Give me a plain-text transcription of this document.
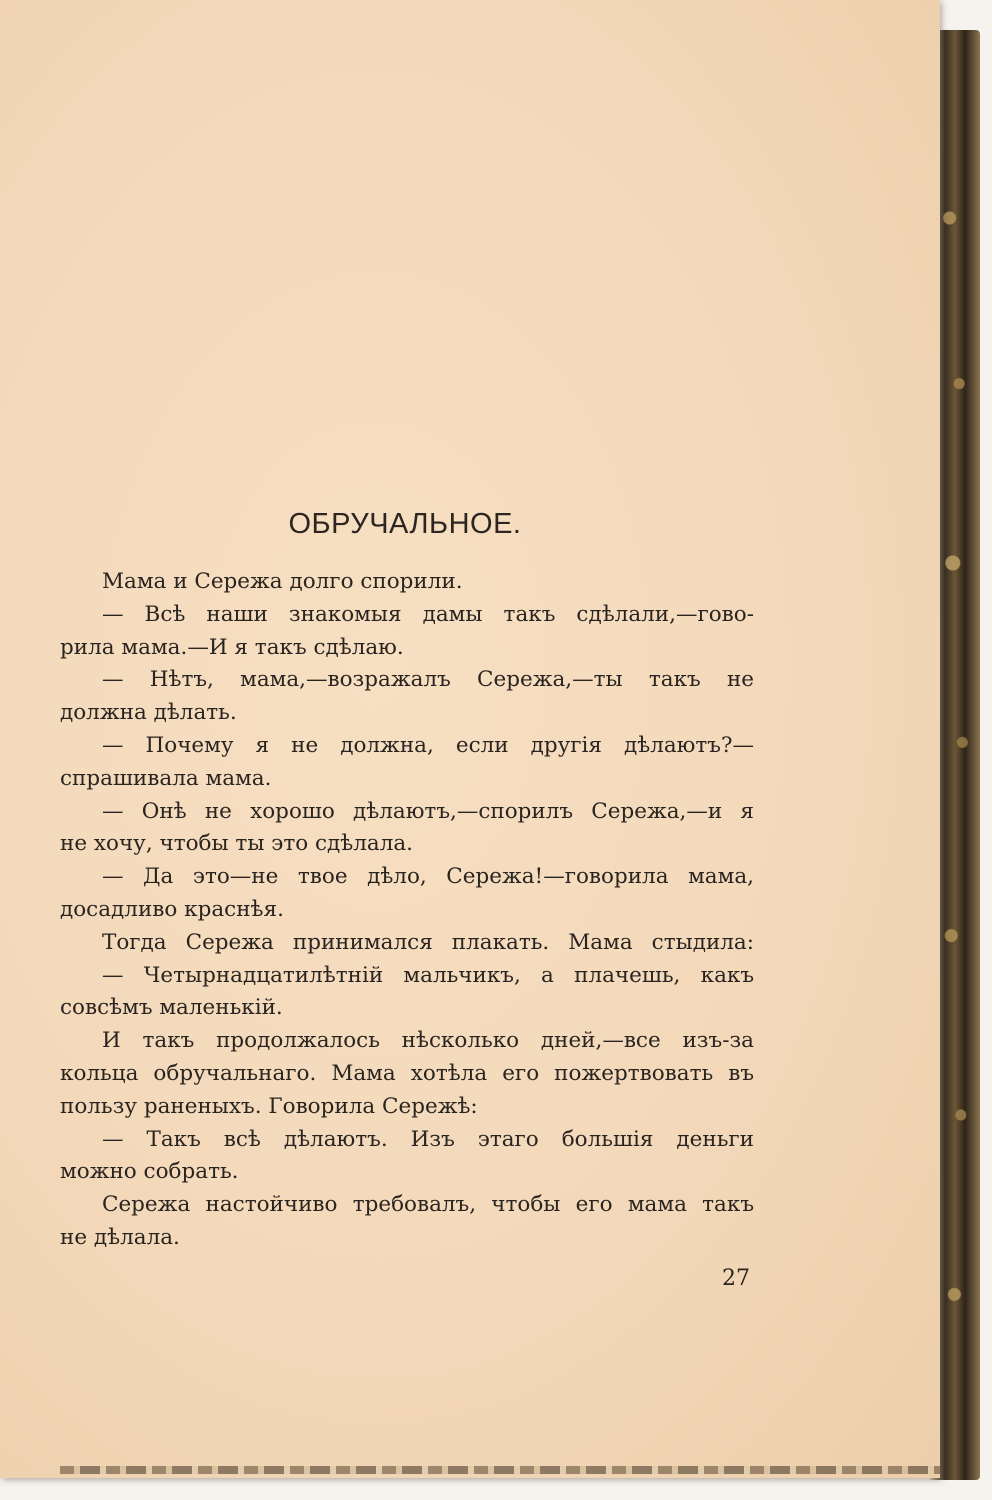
ОБРУЧАЛЬНОЕ.
Мама и Сережа долго спорили.
— Всѣ наши знакомыя дамы такъ сдѣлали,—гово-
рила мама.—И я такъ сдѣлаю.
— Нѣтъ, мама,—возражалъ Сережа,—ты такъ не
должна дѣлать.
— Почему я не должна, если другія дѣлаютъ?—
спрашивала мама.
— Онѣ не хорошо дѣлаютъ,—спорилъ Сережа,—и я
не хочу, чтобы ты это сдѣлала.
— Да это—не твое дѣло, Сережа!—говорила мама,
досадливо краснѣя.
Тогда Сережа принимался плакать. Мама стыдила:
— Четырнадцатилѣтній мальчикъ, а плачешь, какъ
совсѣмъ маленькій.
И такъ продолжалось нѣсколько дней,—все изъ-за
кольца обручальнаго. Мама хотѣла его пожертвовать въ
пользу раненыхъ. Говорила Сережѣ:
— Такъ всѣ дѣлаютъ. Изъ этаго большія деньги
можно собрать.
Сережа настойчиво требовалъ, чтобы его мама такъ
не дѣлала.
27
